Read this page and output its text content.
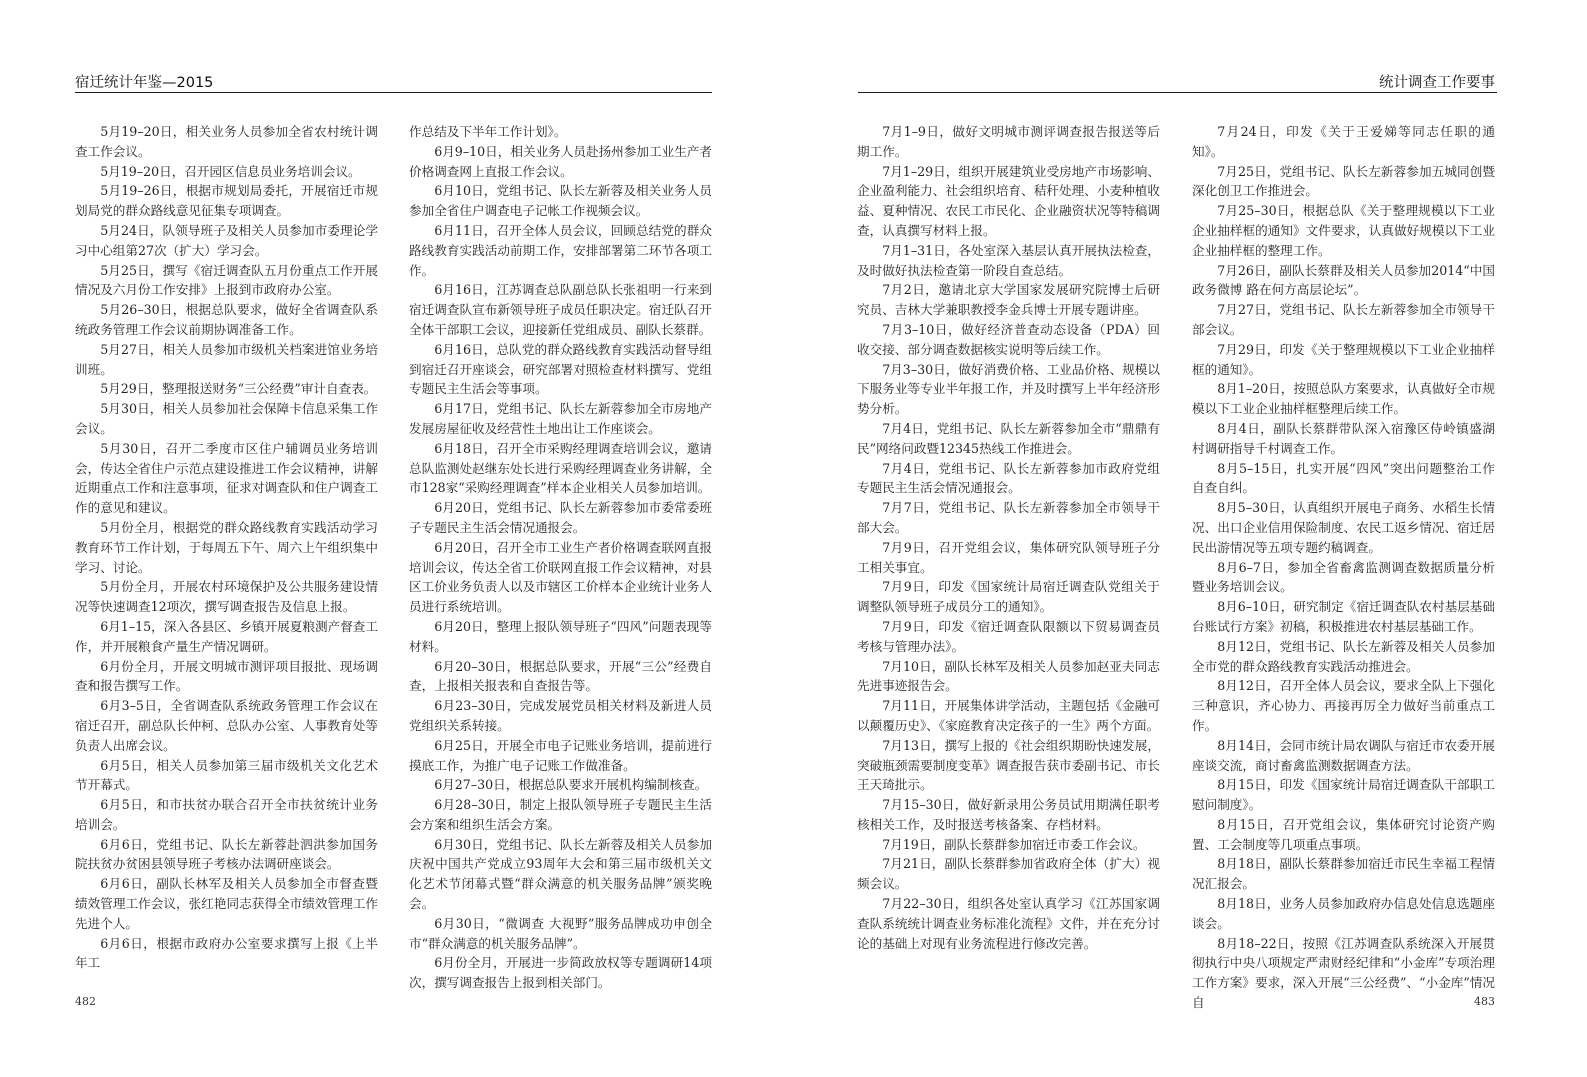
宿迁统计年鉴—2015

5月19–20日，相关业务人员参加全省农村统计调查工作会议。

5月19–20日，召开园区信息员业务培训会议。

5月19–26日，根据市规划局委托，开展宿迁市规划局党的群众路线意见征集专项调查。

5月24日，队领导班子及相关人员参加市委理论学习中心组第27次（扩大）学习会。

5月25日，撰写《宿迁调查队五月份重点工作开展情况及六月份工作安排》上报到市政府办公室。

5月26–30日，根据总队要求，做好全省调查队系统政务管理工作会议前期协调准备工作。

5月27日，相关人员参加市级机关档案进馆业务培训班。

5月29日，整理报送财务“三公经费”审计自查表。

5月30日，相关人员参加社会保障卡信息采集工作会议。

5月30日，召开二季度市区住户辅调员业务培训会，传达全省住户示范点建设推进工作会议精神，讲解近期重点工作和注意事项，征求对调查队和住户调查工作的意见和建议。

5月份全月，根据党的群众路线教育实践活动学习教育环节工作计划，于每周五下午、周六上午组织集中学习、讨论。

5月份全月，开展农村环境保护及公共服务建设情况等快速调查12项次，撰写调查报告及信息上报。

6月1–15，深入各县区、乡镇开展夏粮测产督查工作，并开展粮食产量生产情况调研。

6月份全月，开展文明城市测评项目报批、现场调查和报告撰写工作。

6月3–5日，全省调查队系统政务管理工作会议在宿迁召开，副总队长仲柯、总队办公室、人事教育处等负责人出席会议。

6月5日，相关人员参加第三届市级机关文化艺术节开幕式。

6月5日，和市扶贫办联合召开全市扶贫统计业务培训会。

6月6日，党组书记、队长左新蓉赴泗洪参加国务院扶贫办贫困县领导班子考核办法调研座谈会。

6月6日，副队长林军及相关人员参加全市督查暨绩效管理工作会议，张红艳同志获得全市绩效管理工作先进个人。

6月6日，根据市政府办公室要求撰写上报《上半年工

作总结及下半年工作计划》。

6月9–10日，相关业务人员赴扬州参加工业生产者价格调查网上直报工作会议。

6月10日，党组书记、队长左新蓉及相关业务人员参加全省住户调查电子记帐工作视频会议。

6月11日，召开全体人员会议，回顾总结党的群众路线教育实践活动前期工作，安排部署第二环节各项工作。

6月16日，江苏调查总队副总队长张祖明一行来到宿迁调查队宣布新领导班子成员任职决定。宿迁队召开全体干部职工会议，迎接新任党组成员、副队长蔡群。

6月16日，总队党的群众路线教育实践活动督导组到宿迁召开座谈会，研究部署对照检查材料撰写、党组专题民主生活会等事项。

6月17日，党组书记、队长左新蓉参加全市房地产发展房屋征收及经营性土地出让工作座谈会。

6月18日，召开全市采购经理调查培训会议，邀请总队监测处赵继东处长进行采购经理调查业务讲解，全市128家“采购经理调查”样本企业相关人员参加培训。

6月20日，党组书记、队长左新蓉参加市委常委班子专题民主生活会情况通报会。

6月20日，召开全市工业生产者价格调查联网直报培训会议，传达全省工价联网直报工作会议精神，对县区工价业务负责人以及市辖区工价样本企业统计业务人员进行系统培训。

6月20日，整理上报队领导班子“四风”问题表现等材料。

6月20–30日，根据总队要求，开展“三公”经费自查，上报相关报表和自查报告等。

6月23–30日，完成发展党员相关材料及新进人员党组织关系转接。

6月25日，开展全市电子记账业务培训，提前进行摸底工作，为推广电子记账工作做准备。

6月27–30日，根据总队要求开展机构编制核查。

6月28–30日，制定上报队领导班子专题民主生活会方案和组织生活会方案。

6月30日，党组书记、队长左新蓉及相关人员参加庆祝中国共产党成立93周年大会和第三届市级机关文化艺术节闭幕式暨“群众满意的机关服务品牌”颁奖晚会。

6月30日，“微调查 大视野”服务品牌成功申创全市“群众满意的机关服务品牌”。

6月份全月，开展进一步简政放权等专题调研14项次，撰写调查报告上报到相关部门。

482
统计调查工作要事

7月1–9日，做好文明城市测评调查报告报送等后期工作。

7月1–29日，组织开展建筑业受房地产市场影响、企业盈利能力、社会组织培育、秸秆处理、小麦种植收益、夏种情况、农民工市民化、企业融资状况等特稿调查，认真撰写材料上报。

7月1–31日，各处室深入基层认真开展执法检查，及时做好执法检查第一阶段自查总结。

7月2日，邀请北京大学国家发展研究院博士后研究员、吉林大学兼职教授李金兵博士开展专题讲座。

7月3–10日，做好经济普查动态设备（PDA）回收交接、部分调查数据核实说明等后续工作。

7月3–30日，做好消费价格、工业品价格、规模以下服务业等专业半年报工作，并及时撰写上半年经济形势分析。

7月4日，党组书记、队长左新蓉参加全市“鼎鼎有民”网络问政暨12345热线工作推进会。

7月4日，党组书记、队长左新蓉参加市政府党组专题民主生活会情况通报会。

7月7日，党组书记、队长左新蓉参加全市领导干部大会。

7月9日，召开党组会议，集体研究队领导班子分工相关事宜。

7月9日，印发《国家统计局宿迁调查队党组关于调整队领导班子成员分工的通知》。

7月9日，印发《宿迁调查队限额以下贸易调查员考核与管理办法》。

7月10日，副队长林军及相关人员参加赵亚夫同志先进事迹报告会。

7月11日，开展集体讲学活动，主题包括《金融可以颠覆历史》、《家庭教育决定孩子的一生》两个方面。

7月13日，撰写上报的《社会组织期盼快速发展，突破瓶颈需要制度变革》调查报告获市委副书记、市长王天琦批示。

7月15–30日，做好新录用公务员试用期满任职考核相关工作，及时报送考核备案、存档材料。

7月19日，副队长蔡群参加宿迁市委工作会议。

7月21日，副队长蔡群参加省政府全体（扩大）视频会议。

7月22–30日，组织各处室认真学习《江苏国家调查队系统统计调查业务标准化流程》文件，并在充分讨论的基础上对现有业务流程进行修改完善。

7月24日，印发《关于王爱娣等同志任职的通知》。

7月25日，党组书记、队长左新蓉参加五城同创暨深化创卫工作推进会。

7月25–30日，根据总队《关于整理规模以下工业企业抽样框的通知》文件要求，认真做好规模以下工业企业抽样框的整理工作。

7月26日，副队长蔡群及相关人员参加2014“中国政务微博 路在何方高层论坛”。

7月27日，党组书记、队长左新蓉参加全市领导干部会议。

7月29日，印发《关于整理规模以下工业企业抽样框的通知》。

8月1–20日，按照总队方案要求，认真做好全市规模以下工业企业抽样框整理后续工作。

8月4日，副队长蔡群带队深入宿豫区侍岭镇盛湖村调研指导千村调查工作。

8月5–15日，扎实开展“四风”突出问题整治工作自查自纠。

8月5–30日，认真组织开展电子商务、水稻生长情况、出口企业信用保险制度、农民工返乡情况、宿迁居民出游情况等五项专题约稿调查。

8月6–7日，参加全省畜禽监测调查数据质量分析暨业务培训会议。

8月6–10日，研究制定《宿迁调查队农村基层基础台账试行方案》初稿，积极推进农村基层基础工作。

8月12日，党组书记、队长左新蓉及相关人员参加全市党的群众路线教育实践活动推进会。

8月12日，召开全体人员会议，要求全队上下强化三种意识，齐心协力、再接再厉全力做好当前重点工作。

8月14日，会同市统计局农调队与宿迁市农委开展座谈交流，商讨畜禽监测数据调查方法。

8月15日，印发《国家统计局宿迁调查队干部职工慰问制度》。

8月15日，召开党组会议，集体研究讨论资产购置、工会制度等几项重点事项。

8月18日，副队长蔡群参加宿迁市民生幸福工程情况汇报会。

8月18日，业务人员参加政府办信息处信息选题座谈会。

8月18–22日，按照《江苏调查队系统深入开展贯彻执行中央八项规定严肃财经纪律和“小金库”专项治理工作方案》要求，深入开展“三公经费”、“小金库”情况自	483
